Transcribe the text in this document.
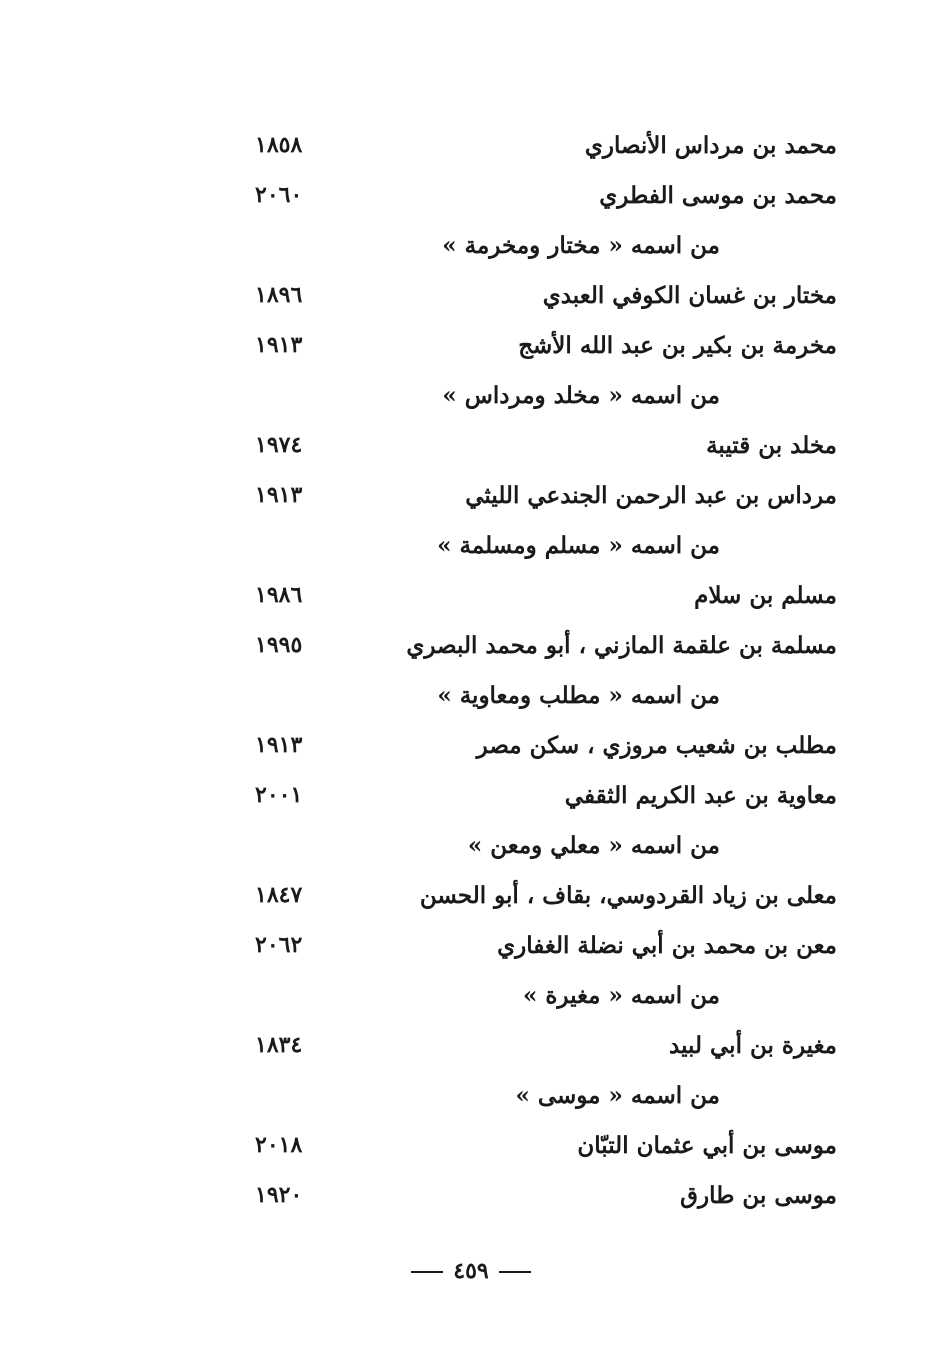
محمد بن مرداس الأنصاري
١٨٥٨
محمد بن موسى الفطري
٢٠٦٠
من اسمه « مختار ومخرمة »
مختار بن غسان الكوفي العبدي
١٨٩٦
مخرمة بن بكير بن عبد الله الأشج
١٩١٣
من اسمه « مخلد ومرداس »
مخلد بن قتيبة
١٩٧٤
مرداس بن عبد الرحمن الجندعي الليثي
١٩١٣
من اسمه « مسلم ومسلمة »
مسلم بن سلام
١٩٨٦
مسلمة بن علقمة المازني ، أبو محمد البصري
١٩٩٥
من اسمه « مطلب ومعاوية »
مطلب بن شعيب مروزي ، سكن مصر
١٩١٣
معاوية بن عبد الكريم الثقفي
٢٠٠١
من اسمه « معلي ومعن »
معلى بن زياد القردوسي، بقاف ، أبو الحسن
١٨٤٧
معن بن محمد بن أبي نضلة الغفاري
٢٠٦٢
من اسمه « مغيرة »
مغيرة بن أبي لبيد
١٨٣٤
من اسمه « موسى »
موسى بن أبي عثمان التبّان
٢٠١٨
موسى بن طارق
١٩٢٠
٤٥٩
